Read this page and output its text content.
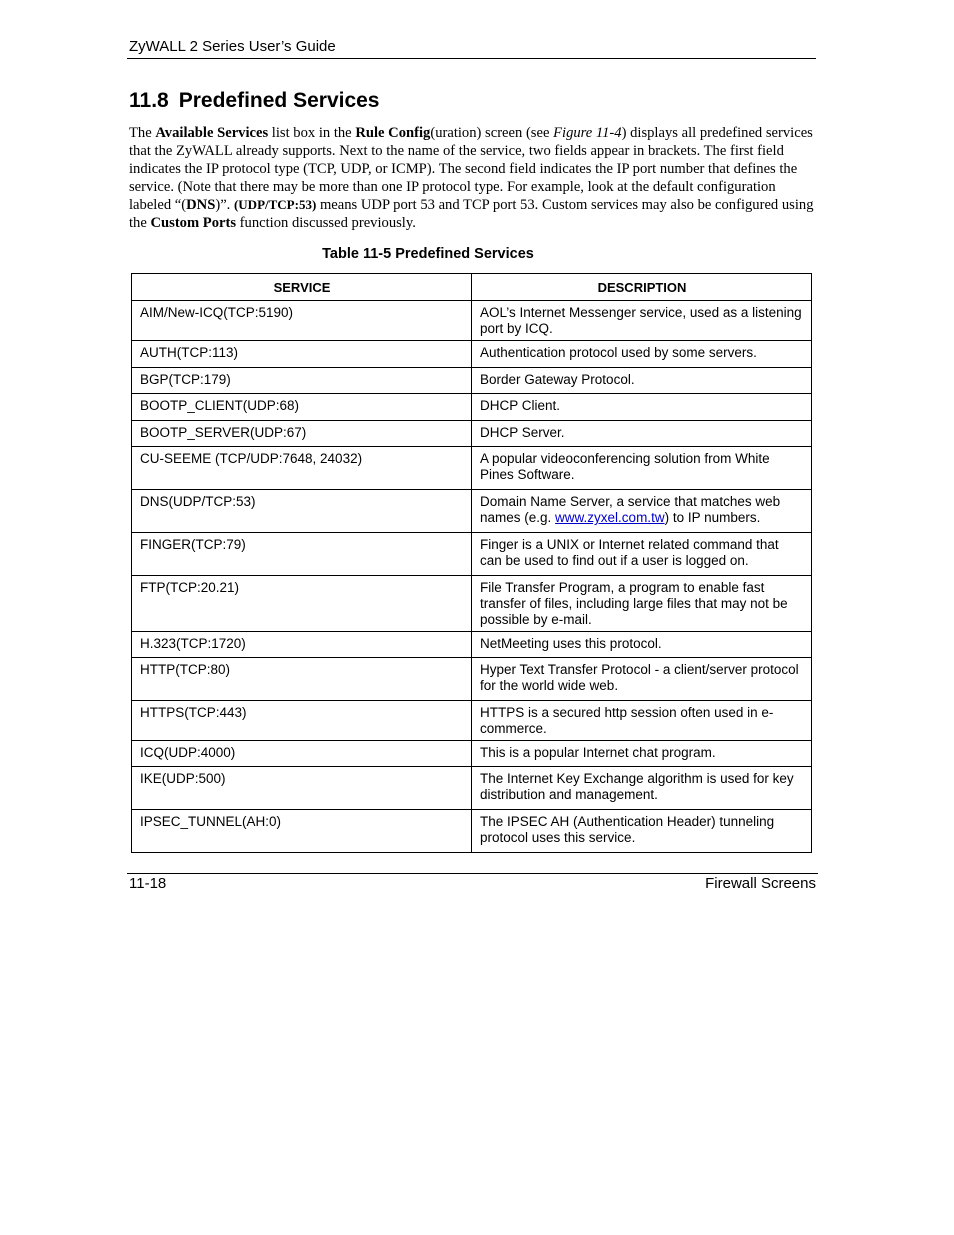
ZyWALL 2 Series User’s Guide
11.8 Predefined Services
The Available Services list box in the Rule Config(uration) screen (see Figure 11-4) displays all predefined services that the ZyWALL already supports. Next to the name of the service, two fields appear in brackets. The first field indicates the IP protocol type (TCP, UDP, or ICMP). The second field indicates the IP port number that defines the service. (Note that there may be more than one IP protocol type. For example, look at the default configuration labeled “(DNS)”. (UDP/TCP:53) means UDP port 53 and TCP port 53. Custom services may also be configured using the Custom Ports function discussed previously.
Table 11-5 Predefined Services
SERVICE	DESCRIPTION
AIM/New-ICQ(TCP:5190)	AOL’s Internet Messenger service, used as a listening port by ICQ.
AUTH(TCP:113)	Authentication protocol used by some servers.
BGP(TCP:179)	Border Gateway Protocol.
BOOTP_CLIENT(UDP:68)	DHCP Client.
BOOTP_SERVER(UDP:67)	DHCP Server.
CU-SEEME (TCP/UDP:7648, 24032)	A popular videoconferencing solution from White Pines Software.
DNS(UDP/TCP:53)	Domain Name Server, a service that matches web names (e.g. www.zyxel.com.tw) to IP numbers.
FINGER(TCP:79)	Finger is a UNIX or Internet related command that can be used to find out if a user is logged on.
FTP(TCP:20.21)	File Transfer Program, a program to enable fast transfer of files, including large files that may not be possible by e-mail.
H.323(TCP:1720)	NetMeeting uses this protocol.
HTTP(TCP:80)	Hyper Text Transfer Protocol - a client/server protocol for the world wide web.
HTTPS(TCP:443)	HTTPS is a secured http session often used in e-commerce.
ICQ(UDP:4000)	This is a popular Internet chat program.
IKE(UDP:500)	The Internet Key Exchange algorithm is used for key distribution and management.
IPSEC_TUNNEL(AH:0)	The IPSEC AH (Authentication Header) tunneling protocol uses this service.
11-18	Firewall Screens
